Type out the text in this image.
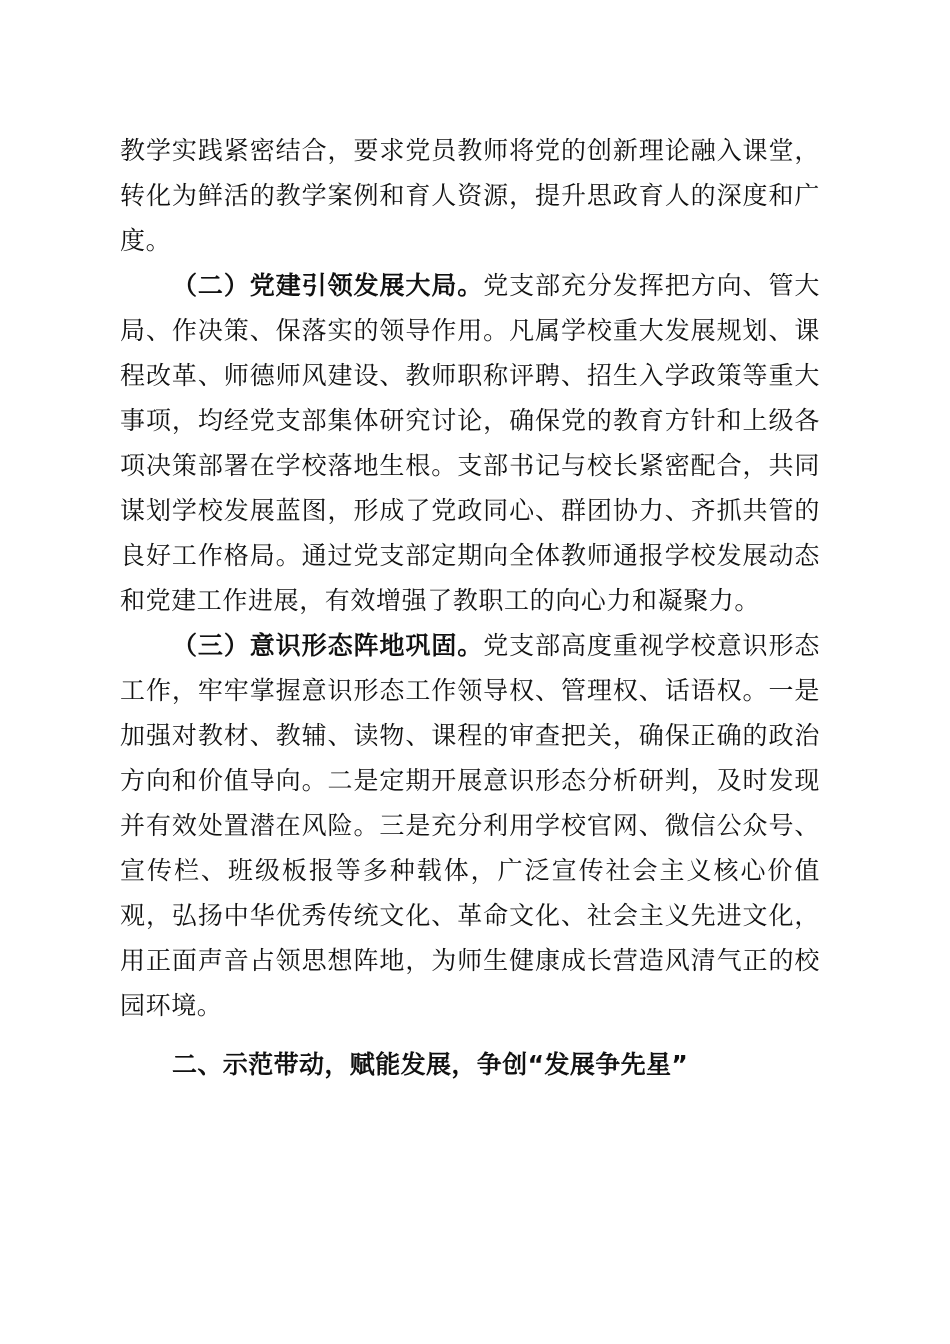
教学实践紧密结合，要求党员教师将党的创新理论融入课堂，转化为鲜活的教学案例和育人资源，提升思政育人的深度和广度。

（二）党建引领发展大局。党支部充分发挥把方向、管大局、作决策、保落实的领导作用。凡属学校重大发展规划、课程改革、师德师风建设、教师职称评聘、招生入学政策等重大事项，均经党支部集体研究讨论，确保党的教育方针和上级各项决策部署在学校落地生根。支部书记与校长紧密配合，共同谋划学校发展蓝图，形成了党政同心、群团协力、齐抓共管的良好工作格局。通过党支部定期向全体教师通报学校发展动态和党建工作进展，有效增强了教职工的向心力和凝聚力。

（三）意识形态阵地巩固。党支部高度重视学校意识形态工作，牢牢掌握意识形态工作领导权、管理权、话语权。一是加强对教材、教辅、读物、课程的审查把关，确保正确的政治方向和价值导向。二是定期开展意识形态分析研判，及时发现并有效处置潜在风险。三是充分利用学校官网、微信公众号、宣传栏、班级板报等多种载体，广泛宣传社会主义核心价值观，弘扬中华优秀传统文化、革命文化、社会主义先进文化，用正面声音占领思想阵地，为师生健康成长营造风清气正的校园环境。

二、示范带动，赋能发展，争创“发展争先星”
